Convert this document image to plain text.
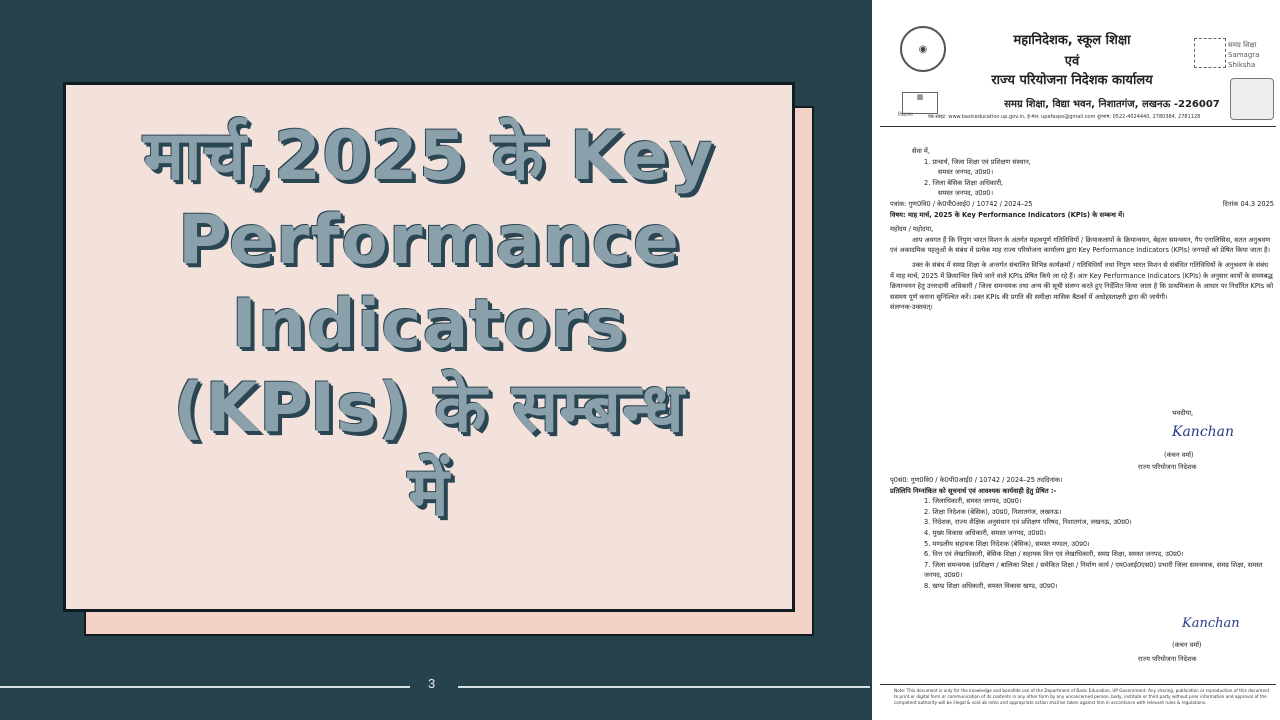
मार्च,2025 के Key
Performance
Indicators
(KPIs) के सम्बन्ध
में
3
◉
▦
विद्यालय
महानिदेशक, स्कूल शिक्षा
एवं
राज्य परियोजना निदेशक कार्यालय
समग्र शिक्षा, विद्या भवन, निशातगंज, लखनऊ -226007
समग्र शिक्षा Samagra Shiksha
वेब-साइट: www.basiceducation.up.gov.in, ई-मेल: upefaspo@gmail.com दूरभाष: 0522-4024440, 2780384, 2781128

सेवा में,

1. प्राचार्य, जिला शिक्षा एवं प्रशिक्षण संस्थान,

समस्त जनपद, उ0प्र0।

2. जिला बेसिक शिक्षा अधिकारी,

समस्त जनपद, उ0प्र0।

पत्रांक: गुण0वि0 / के0पी0आई0 / 10742 / 2024–25	दिनांक 04.3 2025

विषय: माह मार्च, 2025 के Key Performance Indicators (KPIs) के सम्बन्ध में।

महोदय / महोदया,

आप अवगत हैं कि निपुण भारत मिशन के अंतर्गत महत्वपूर्ण गतिविधियों / क्रियाकलापों के क्रियान्वयन, बेहतर समन्वयन, गैप एनालिसिस, सतत अनुश्रवण एवं अकादमिक पहलुओं के संबंध में प्रत्येक माह राज्य परियोजना कार्यालय द्वारा Key Performance Indicators (KPIs) जनपदों को प्रेषित किया जाता है।

उक्त के संबंध में समग्र शिक्षा के अन्तर्गत संचालित विभिन्न कार्यक्रमों / गतिविधियों तथा निपुण भारत मिशन से संबंधित गतिविधियों के अनुश्रवण के संबंध में माह मार्च, 2025 में क्रियान्वित किये जाने वाले KPIs प्रेषित किये जा रहे हैं। अतः Key Performance Indicators (KPIs) के अनुसार कार्यों के समयबद्ध क्रियान्वयन हेतु उत्तरदायी अधिकारी / जिला समन्वयक तथा अन्य की सूची संलग्न करते हुए निर्देशित किया जाता है कि प्राथमिकता के आधार पर निर्धारित KPIs को ससमय पूर्ण कराना सुनिश्चित करें। उक्त KPIs की प्रगति की समीक्षा मासिक बैठकों में अधोहस्ताक्षरी द्वारा की जायेगी।

संलग्नक-उक्तवत्।

भवदीया,
Kanchan
(कंचन वर्मा)
राज्य परियोजना निदेशक

पृ0सं0: गुण0वि0 / के0पी0आई0 / 10742 / 2024–25 तददिनांक।

प्रतिलिपि निम्नांकित को सूचनार्थ एवं आवश्यक कार्यवाही हेतु प्रेषित :-

1. जिलाधिकारी, समस्त जनपद, उ0प्र0।

2. शिक्षा निदेशक (बेसिक), उ0प्र0, निशातगंज, लखनऊ।

3. निदेशक, राज्य शैक्षिक अनुसंधान एवं प्रशिक्षण परिषद, निशातगंज, लखनऊ, उ0प्र0।

4. मुख्य विकास अधिकारी, समस्त जनपद, उ0प्र0।

5. मण्डलीय सहायक शिक्षा निदेशक (बेसिक), समस्त मण्डल, उ0प्र0।

6. वित्त एवं लेखाधिकारी, बेसिक शिक्षा / सहायक वित्त एवं लेखाधिकारी, समग्र शिक्षा, समस्त जनपद, उ0प्र0।

7. जिला समन्वयक (प्रशिक्षण / बालिका शिक्षा / समेकित शिक्षा / निर्माण कार्य / एम0आई0एस0) प्रभारी जिला समन्वयक, समग्र शिक्षा, समस्त जनपद, उ0प्र0।

8. खण्ड शिक्षा अधिकारी, समस्त विकास खण्ड, उ0प्र0।

Kanchan
(कंचन वर्मा)
राज्य परियोजना निदेशक
Note: This document is only for the knowledge and bonafide use of the Department of Basic Education, UP Government. Any sharing, publication or reproduction of this document to print or digital form or communication of its contents in any other form by any unconcerned person, body, institute or third party without prior information and approval of the competent authority will be illegal & void ab initio and appropriate action shall be taken against him in accordance with relevant rules & regulations.
